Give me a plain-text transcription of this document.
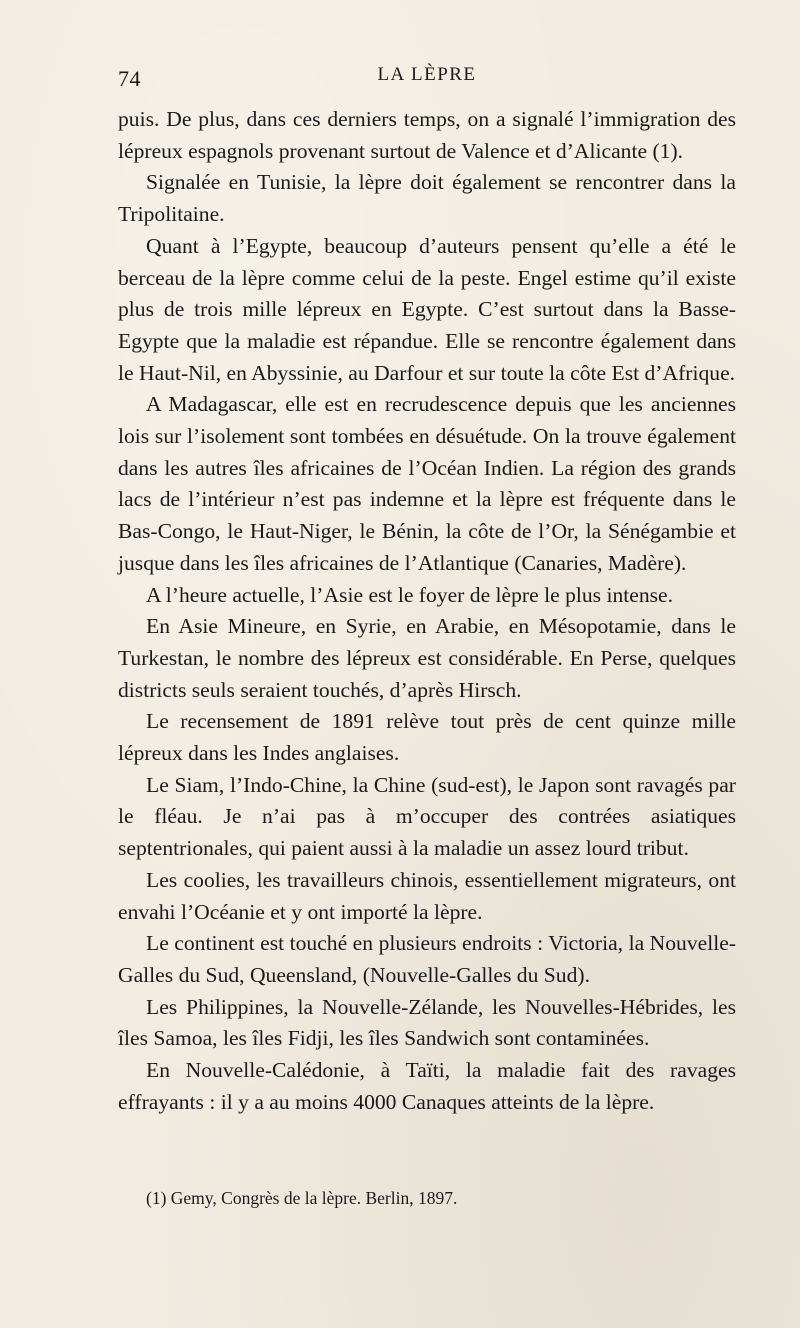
74	LA LÈPRE

puis. De plus, dans ces derniers temps, on a signalé l’immigration des lépreux espagnols provenant surtout de Valence et d’Alicante (1).

Signalée en Tunisie, la lèpre doit également se rencontrer dans la Tripolitaine.

Quant à l’Egypte, beaucoup d’auteurs pensent qu’elle a été le berceau de la lèpre comme celui de la peste. Engel estime qu’il existe plus de trois mille lépreux en Egypte. C’est surtout dans la Basse-Egypte que la maladie est répandue. Elle se rencontre également dans le Haut-Nil, en Abyssinie, au Darfour et sur toute la côte Est d’Afrique.

A Madagascar, elle est en recrudescence depuis que les anciennes lois sur l’isolement sont tombées en désuétude. On la trouve également dans les autres îles africaines de l’Océan Indien. La région des grands lacs de l’intérieur n’est pas indemne et la lèpre est fréquente dans le Bas-Congo, le Haut-Niger, le Bénin, la côte de l’Or, la Sénégambie et jusque dans les îles africaines de l’Atlantique (Canaries, Madère).

A l’heure actuelle, l’Asie est le foyer de lèpre le plus intense.

En Asie Mineure, en Syrie, en Arabie, en Mésopotamie, dans le Turkestan, le nombre des lépreux est considérable. En Perse, quelques districts seuls seraient touchés, d’après Hirsch.

Le recensement de 1891 relève tout près de cent quinze mille lépreux dans les Indes anglaises.

Le Siam, l’Indo-Chine, la Chine (sud-est), le Japon sont ravagés par le fléau. Je n’ai pas à m’occuper des contrées asiatiques septentrionales, qui paient aussi à la maladie un assez lourd tribut.

Les coolies, les travailleurs chinois, essentiellement migrateurs, ont envahi l’Océanie et y ont importé la lèpre.

Le continent est touché en plusieurs endroits : Victoria, la Nouvelle-Galles du Sud, Queensland, (Nouvelle-Galles du Sud).

Les Philippines, la Nouvelle-Zélande, les Nouvelles-Hébrides, les îles Samoa, les îles Fidji, les îles Sandwich sont contaminées.

En Nouvelle-Calédonie, à Taïti, la maladie fait des ravages effrayants : il y a au moins 4000 Canaques atteints de la lèpre.

(1) Gemy, Congrès de la lèpre. Berlin, 1897.
